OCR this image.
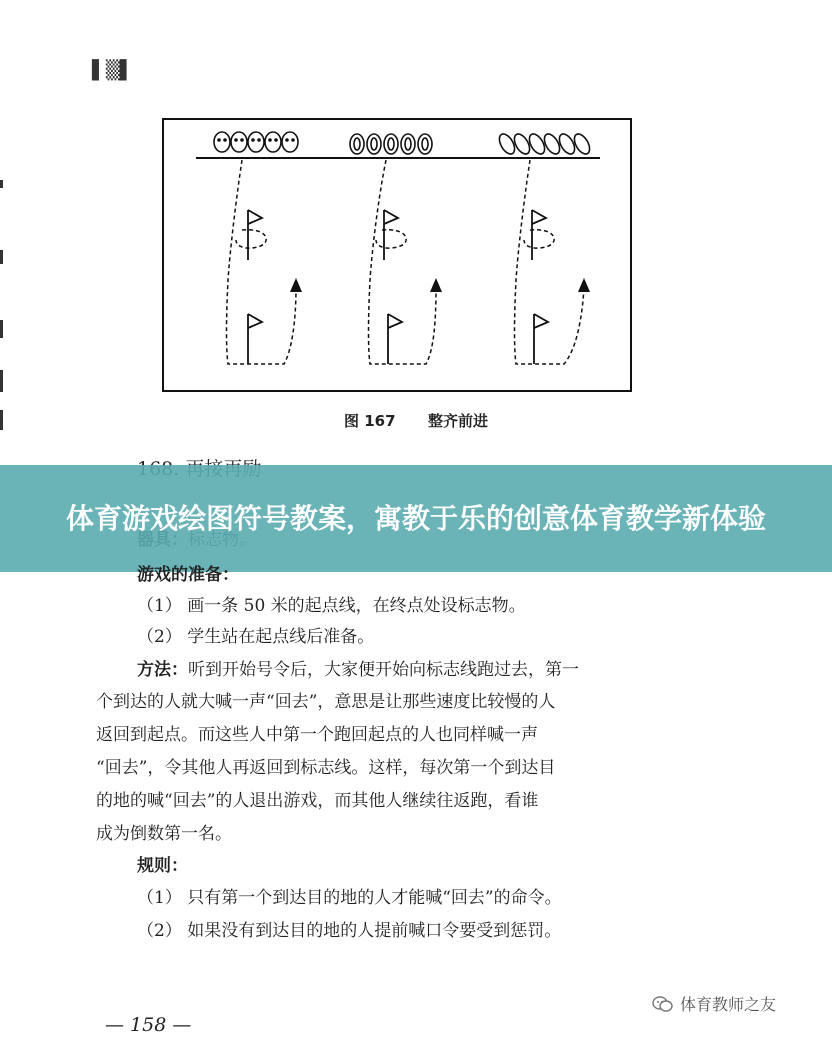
▌▒▌
图 167 整齐前进
体育游戏绘图符号教案，寓教于乐的创意体育教学新体验
游戏的准备：
（1） 画一条 50 米的起点线，在终点处设标志物。
（2） 学生站在起点线后准备。
方法：听到开始号令后，大家便开始向标志线跑过去，第一
个到达的人就大喊一声“回去”，意思是让那些速度比较慢的人
返回到起点。而这些人中第一个跑回起点的人也同样喊一声
“回去”，令其他人再返回到标志线。这样，每次第一个到达目
的地的喊“回去”的人退出游戏，而其他人继续往返跑，看谁
成为倒数第一名。
规则：
（1） 只有第一个到达目的地的人才能喊“回去”的命令。
（2） 如果没有到达目的地的人提前喊口令要受到惩罚。
体育教师之友
— 158 —
